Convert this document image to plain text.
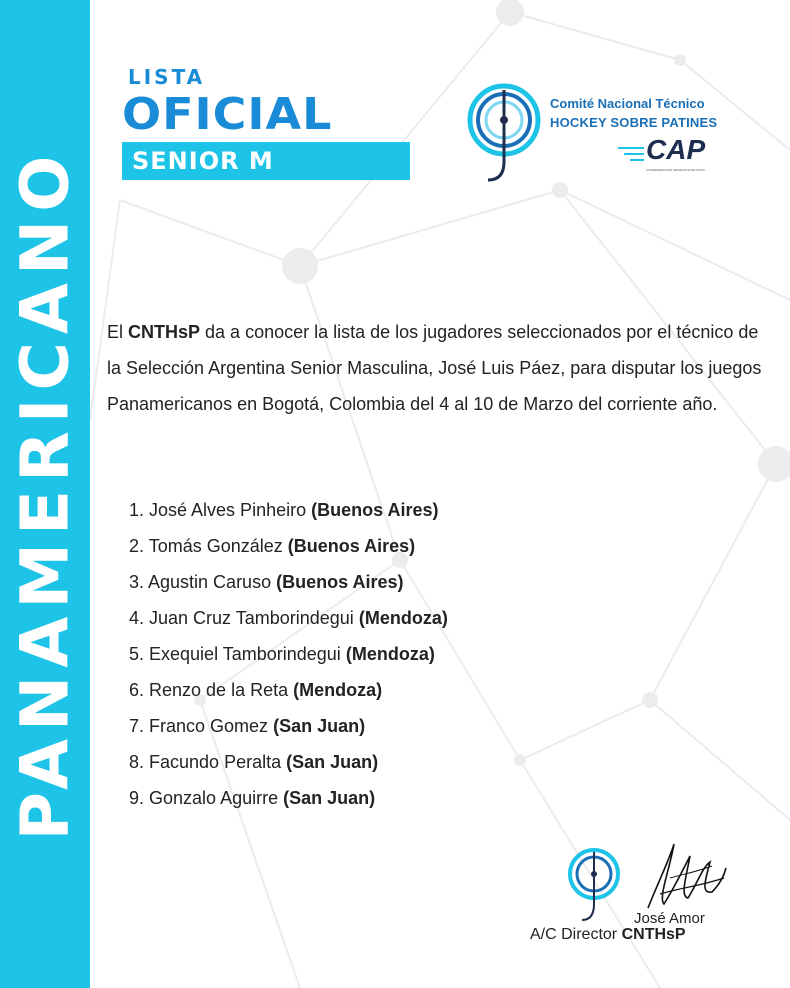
PANAMERICANO
LISTA
OFICIAL
SENIOR M
Comité Nacional Técnico
HOCKEY SOBRE PATINES
CAP
CONFEDERACIÓN ARGENTINA DE PATÍN

El CNTHsP da a conocer la lista de los jugadores seleccionados por el técnico de la Selección Argentina Senior Masculina, José Luis Páez, para disputar los juegos Panamericanos en Bogotá, Colombia del 4 al 10 de Marzo del corriente año.

1. José Alves Pinheiro (Buenos Aires)
2. Tomás González (Buenos Aires)
3. Agustin Caruso (Buenos Aires)
4. Juan Cruz Tamborindegui (Mendoza)
5. Exequiel Tamborindegui (Mendoza)
6. Renzo de la Reta (Mendoza)
7. Franco Gomez (San Juan)
8. Facundo Peralta (San Juan)
9. Gonzalo Aguirre (San Juan)
José Amor
A/C Director CNTHsP
